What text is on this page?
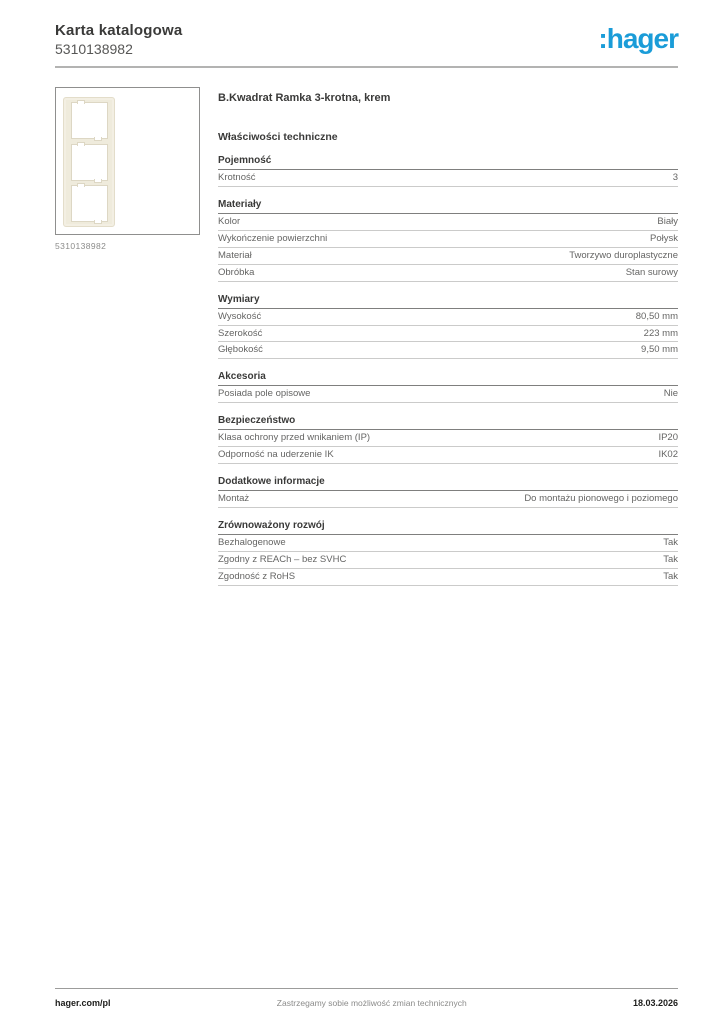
Karta katalogowa
5310138982	:hager
5310138982
B.Kwadrat Ramka 3-krotna, krem
Właściwości techniczne
Pojemność
Krotność	3
Materiały
Kolor	Biały
Wykończenie powierzchni	Połysk
Materiał	Tworzywo duroplastyczne
Obróbka	Stan surowy
Wymiary
Wysokość	80,50 mm
Szerokość	223 mm
Głębokość	9,50 mm
Akcesoria
Posiada pole opisowe	Nie
Bezpieczeństwo
Klasa ochrony przed wnikaniem (IP)	IP20
Odporność na uderzenie IK	IK02
Dodatkowe informacje
Montaż	Do montażu pionowego i poziomego
Zrównoważony rozwój
Bezhalogenowe	Tak
Zgodny z REACh – bez SVHC	Tak
Zgodność z RoHS	Tak
hager.com/pl	Zastrzegamy sobie możliwość zmian technicznych	18.03.2026
